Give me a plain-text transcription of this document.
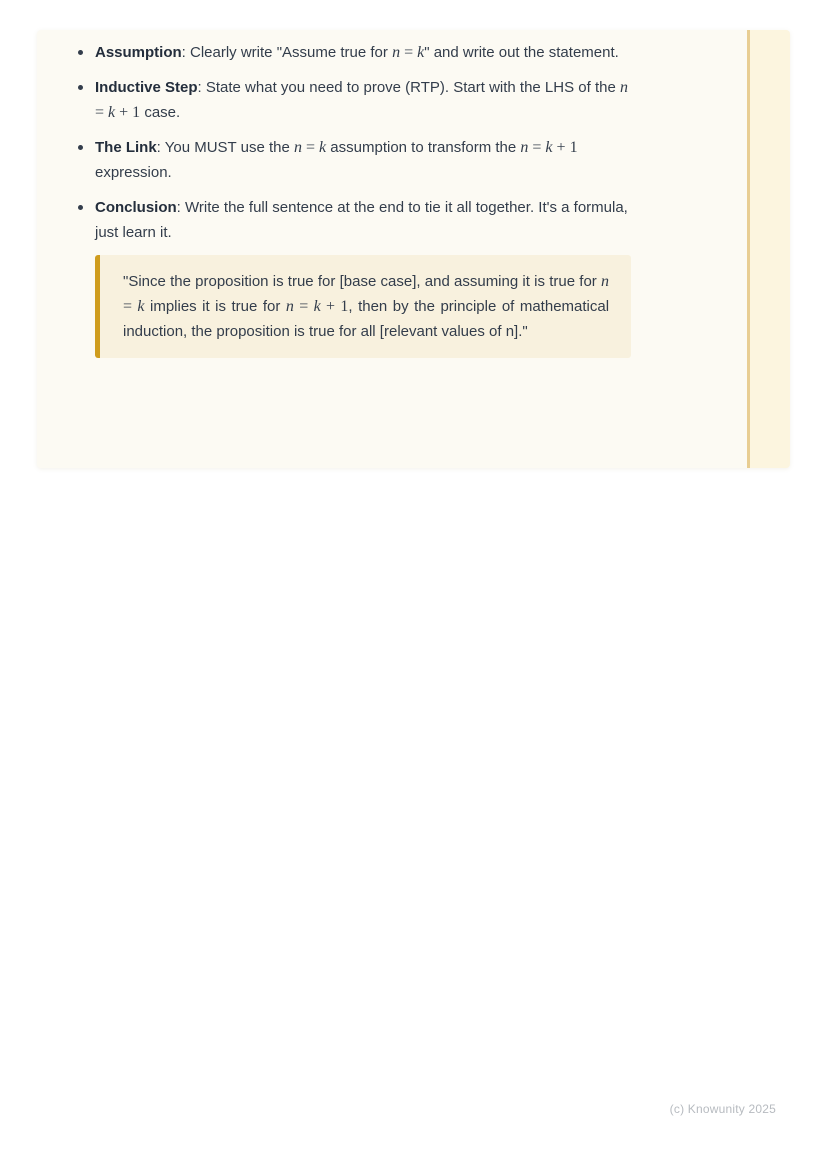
Assumption: Clearly write "Assume true for n = k" and write out the statement.
Inductive Step: State what you need to prove (RTP). Start with the LHS of the n = k + 1 case.
The Link: You MUST use the n = k assumption to transform the n = k + 1 expression.
Conclusion: Write the full sentence at the end to tie it all together. It's a formula, just learn it.

"Since the proposition is true for [base case], and assuming it is true for n = k implies it is true for n = k + 1, then by the principle of mathematical induction, the proposition is true for all [relevant values of n]."

(c) Knowunity 2025
